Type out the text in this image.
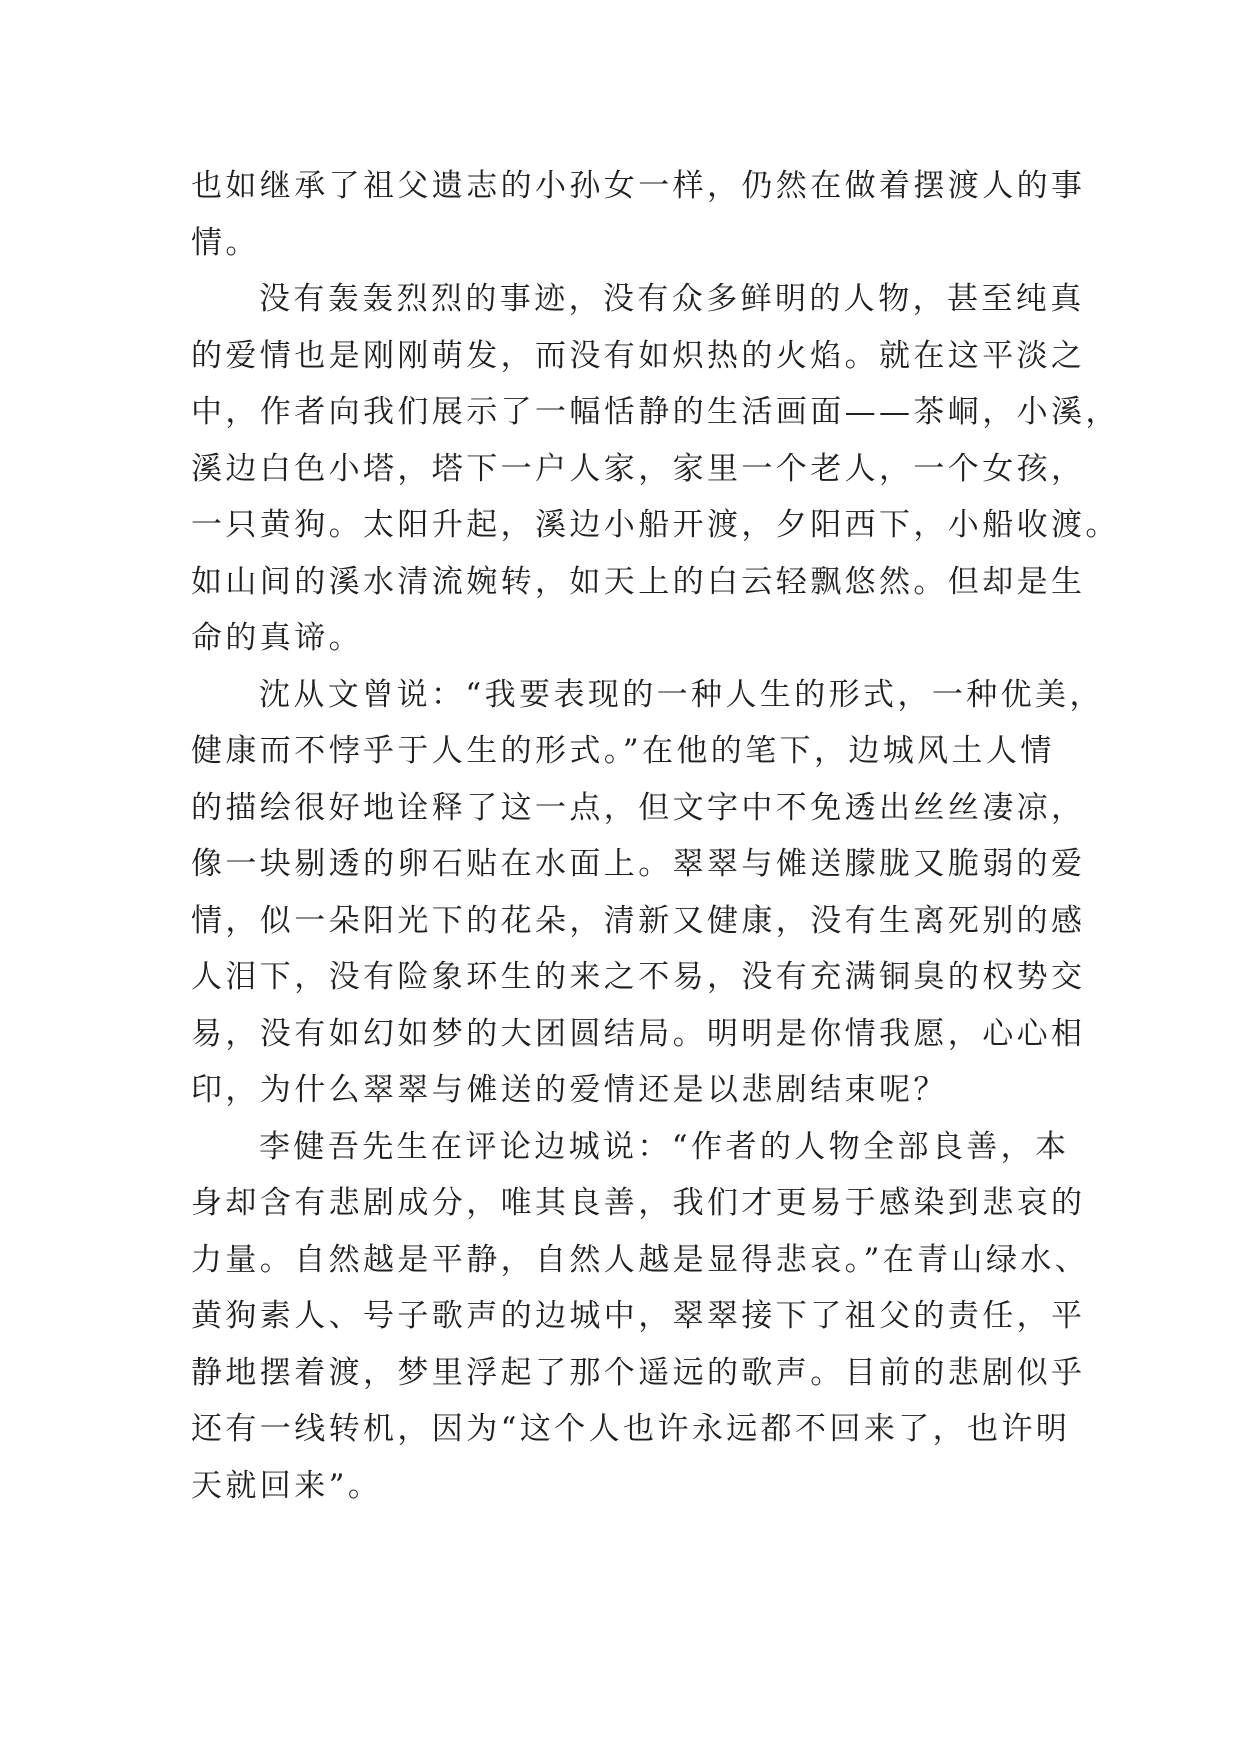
也如继承了祖父遗志的小孙女一样，仍然在做着摆渡人的事
情。
没有轰轰烈烈的事迹，没有众多鲜明的人物，甚至纯真
的爱情也是刚刚萌发，而没有如炽热的火焰。就在这平淡之
中，作者向我们展示了一幅恬静的生活画面——茶峒，小溪，
溪边白色小塔，塔下一户人家，家里一个老人，一个女孩，
一只黄狗。太阳升起，溪边小船开渡，夕阳西下，小船收渡。
如山间的溪水清流婉转，如天上的白云轻飘悠然。但却是生
命的真谛。
沈从文曾说：“我要表现的一种人生的形式，一种优美，
健康而不悖乎于人生的形式。”在他的笔下，边城风土人情
的描绘很好地诠释了这一点，但文字中不免透出丝丝凄凉，
像一块剔透的卵石贴在水面上。翠翠与傩送朦胧又脆弱的爱
情，似一朵阳光下的花朵，清新又健康，没有生离死别的感
人泪下，没有险象环生的来之不易，没有充满铜臭的权势交
易，没有如幻如梦的大团圆结局。明明是你情我愿，心心相
印，为什么翠翠与傩送的爱情还是以悲剧结束呢？
李健吾先生在评论边城说：“作者的人物全部良善，本
身却含有悲剧成分，唯其良善，我们才更易于感染到悲哀的
力量。自然越是平静，自然人越是显得悲哀。”在青山绿水、
黄狗素人、号子歌声的边城中，翠翠接下了祖父的责任，平
静地摆着渡，梦里浮起了那个遥远的歌声。目前的悲剧似乎
还有一线转机，因为“这个人也许永远都不回来了，也许明
天就回来”。
